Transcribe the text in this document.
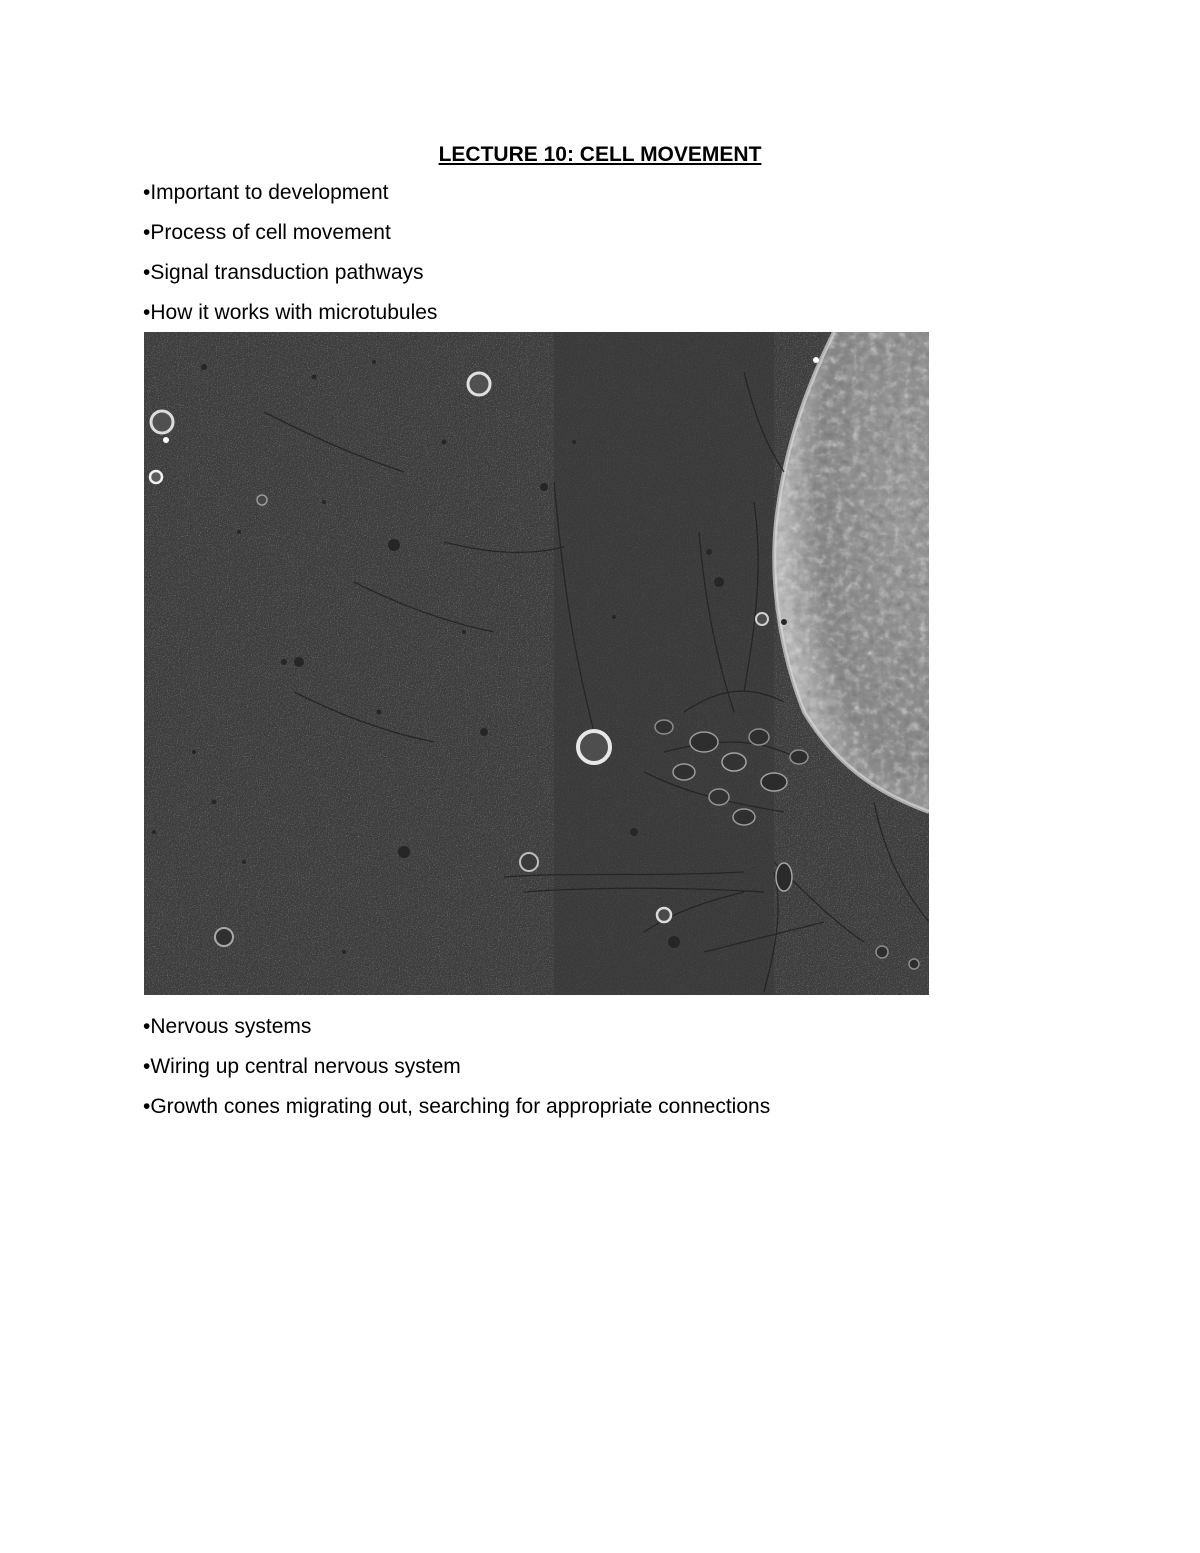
LECTURE 10: CELL MOVEMENT
•Important to development
•Process of cell movement
•Signal transduction pathways
•How it works with microtubules
•Nervous systems
•Wiring up central nervous system
•Growth cones migrating out, searching for appropriate connections
